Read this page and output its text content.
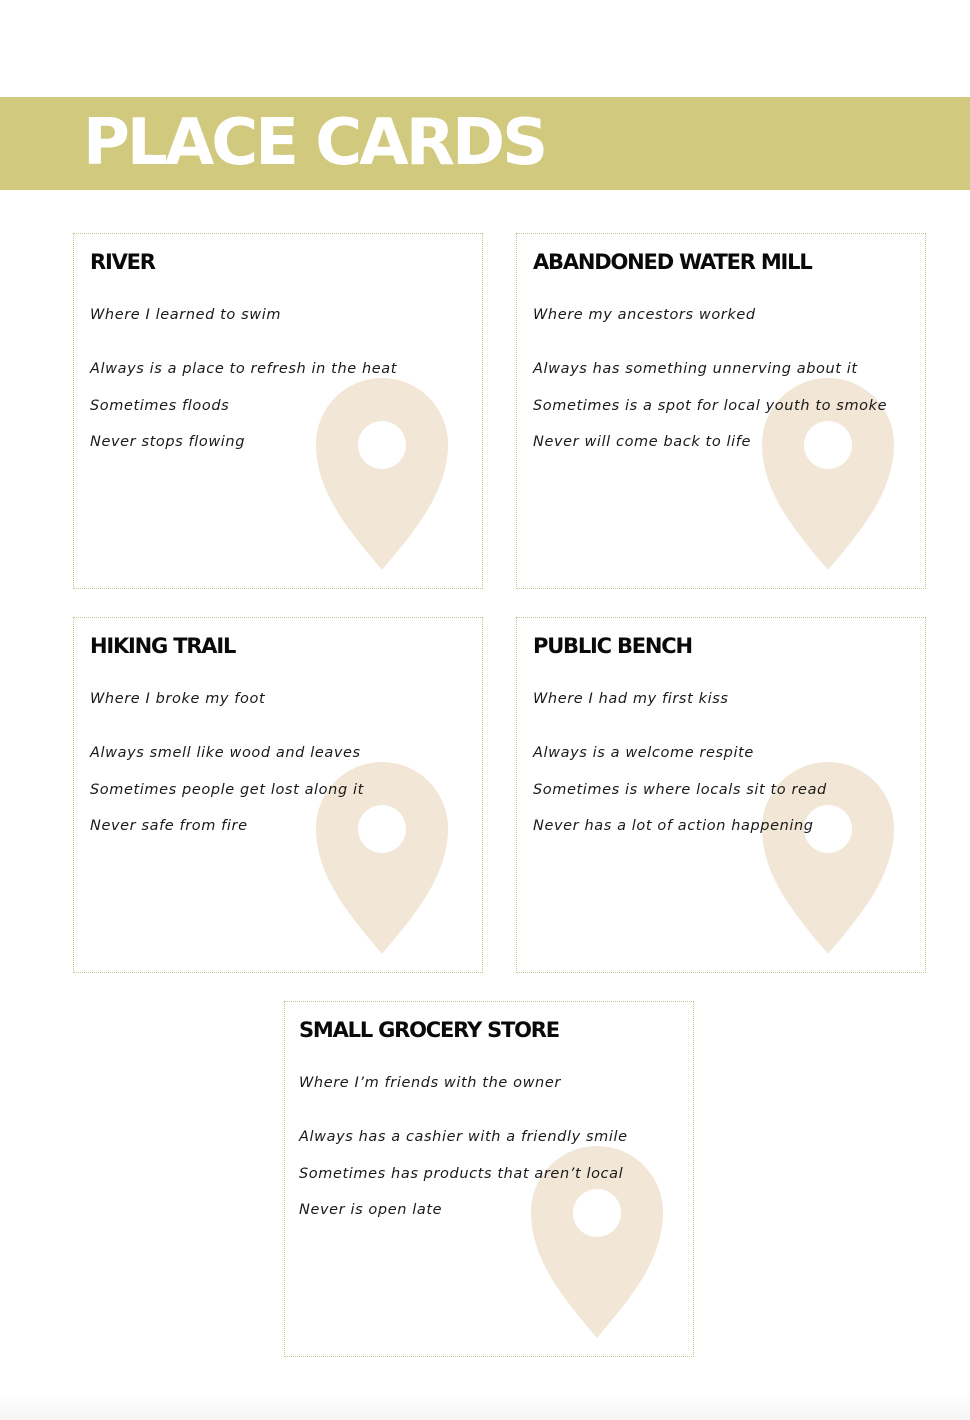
PLACE CARDS
RIVER

Where I learned to swim

Always is a place to refresh in the heat

Sometimes floods

Never stops flowing

ABANDONED WATER MILL

Where my ancestors worked

Always has something unnerving about it

Sometimes is a spot for local youth to smoke

Never will come back to life

HIKING TRAIL

Where I broke my foot

Always smell like wood and leaves

Sometimes people get lost along it

Never safe from fire

PUBLIC BENCH

Where I had my first kiss

Always is a welcome respite

Sometimes is where locals sit to read

Never has a lot of action happening

SMALL GROCERY STORE

Where I’m friends with the owner

Always has a cashier with a friendly smile

Sometimes has products that aren’t local

Never is open late
